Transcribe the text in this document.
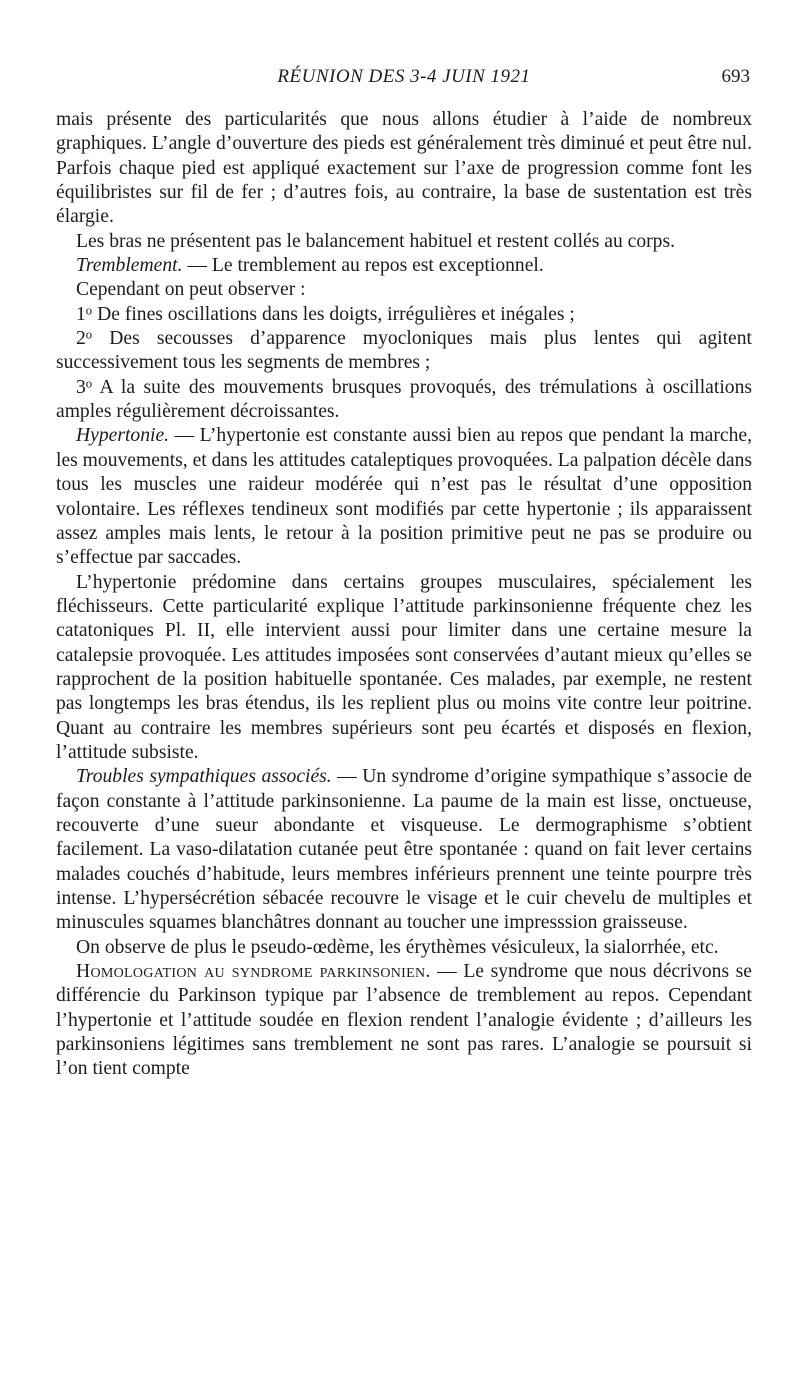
RÉUNION DES 3-4 JUIN 1921	693

mais présente des particularités que nous allons étudier à l’aide de nombreux graphiques. L’angle d’ouverture des pieds est généralement très diminué et peut être nul. Parfois chaque pied est appliqué exactement sur l’axe de progression comme font les équilibristes sur fil de fer ; d’autres fois, au contraire, la base de sustentation est très élargie.

Les bras ne présentent pas le balancement habituel et restent collés au corps.

Tremblement. — Le tremblement au repos est exceptionnel.

Cependant on peut observer :

1$^o$ De fines oscillations dans les doigts, irrégulières et inégales ;

2$^o$ Des secousses d’apparence myocloniques mais plus lentes qui agitent successivement tous les segments de membres ;

3$^o$ A la suite des mouvements brusques provoqués, des trémulations à oscillations amples régulièrement décroissantes.

Hypertonie. — L’hypertonie est constante aussi bien au repos que pendant la marche, les mouvements, et dans les attitudes cataleptiques provoquées. La palpation décèle dans tous les muscles une raideur modérée qui n’est pas le résultat d’une opposition volontaire. Les réflexes tendineux sont modifiés par cette hypertonie ; ils apparaissent assez amples mais lents, le retour à la position primitive peut ne pas se produire ou s’effectue par saccades.

L’hypertonie prédomine dans certains groupes musculaires, spécialement les fléchisseurs. Cette particularité explique l’attitude parkinsonienne fréquente chez les catatoniques Pl. II, elle intervient aussi pour limiter dans une certaine mesure la catalepsie provoquée. Les attitudes imposées sont conservées d’autant mieux qu’elles se rapprochent de la position habituelle spontanée. Ces malades, par exemple, ne restent pas longtemps les bras étendus, ils les replient plus ou moins vite contre leur poitrine. Quant au contraire les membres supérieurs sont peu écartés et disposés en flexion, l’attitude subsiste.

Troubles sympathiques associés. — Un syndrome d’origine sympathique s’associe de façon constante à l’attitude parkinsonienne. La paume de la main est lisse, onctueuse, recouverte d’une sueur abondante et visqueuse. Le dermographisme s’obtient facilement. La vaso-dilatation cutanée peut être spontanée : quand on fait lever certains malades couchés d’habitude, leurs membres inférieurs prennent une teinte pourpre très intense. L’hypersécrétion sébacée recouvre le visage et le cuir chevelu de multiples et minuscules squames blanchâtres donnant au toucher une impresssion graisseuse.

On observe de plus le pseudo-œdème, les érythèmes vésiculeux, la sialorrhée, etc.

Homologation au syndrome parkinsonien. — Le syndrome que nous décrivons se différencie du Parkinson typique par l’absence de tremblement au repos. Cependant l’hypertonie et l’attitude soudée en flexion rendent l’analogie évidente ; d’ailleurs les parkinsoniens légitimes sans tremblement ne sont pas rares. L’analogie se poursuit si l’on tient compte
